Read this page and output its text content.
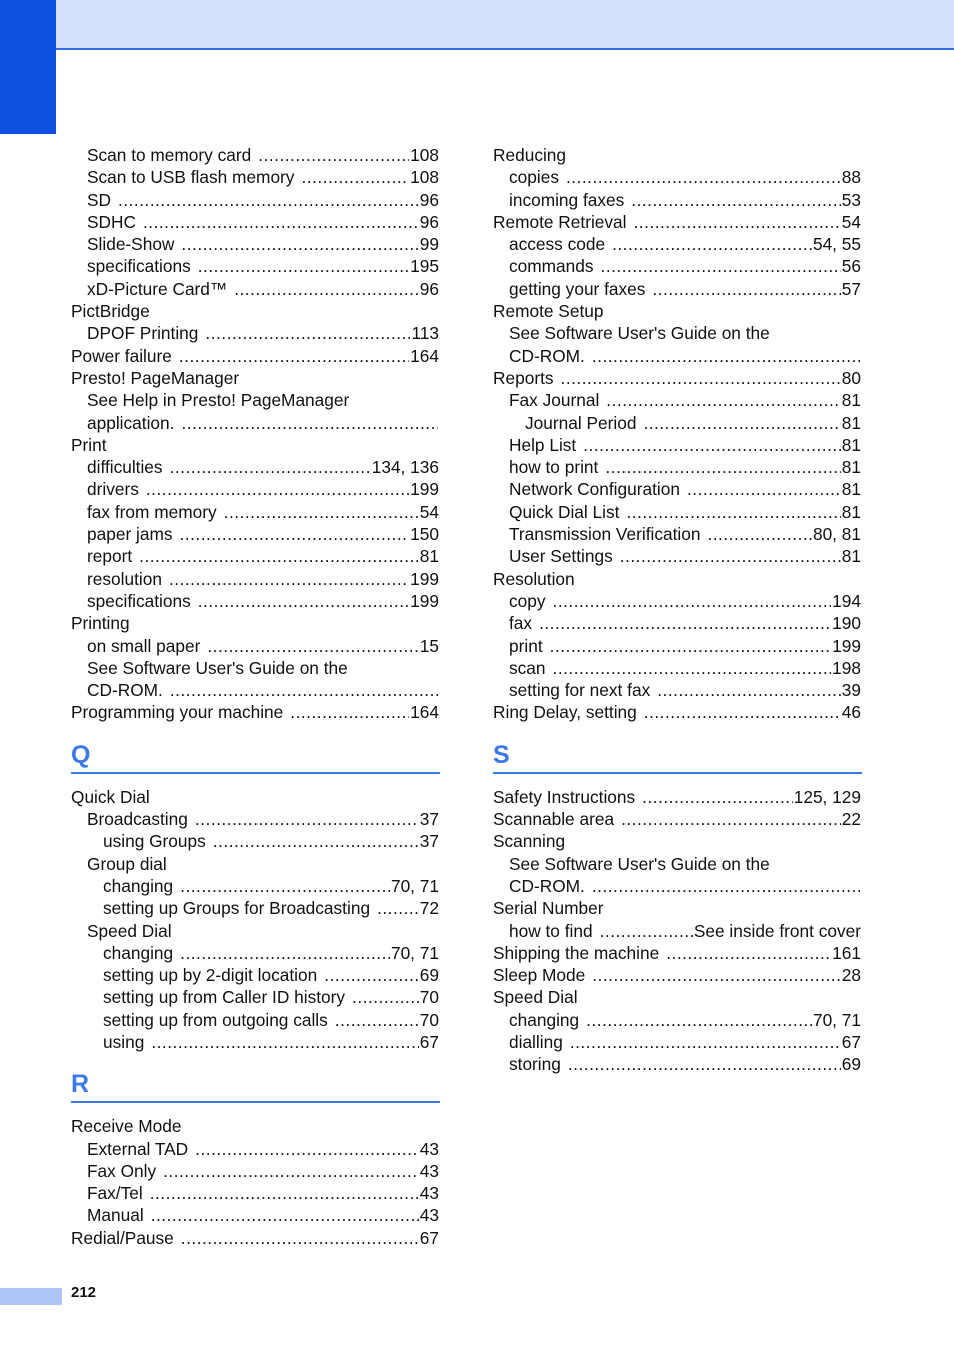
Scan to memory card .....	108
Scan to USB flash memory .....	108
SD .....	96
SDHC .....	96
Slide-Show .....	99
specifications .....	195
xD-Picture Card™ .....	96
PictBridge
DPOF Printing .....	113
Power failure .....	164
Presto! PageManager
See Help in Presto! PageManager
application.
.....
Print
difficulties .....	134, 136
drivers .....	199
fax from memory .....	54
paper jams .....	150
report .....	81
resolution .....	199
specifications .....	199
Printing
on small paper .....	15
See Software User's Guide on the
CD-ROM.
.....
Programming your machine .....	164
Q
Quick Dial
Broadcasting .....	37
using Groups .....	37
Group dial
changing .....	70, 71
setting up Groups for Broadcasting .....	72
Speed Dial
changing .....	70, 71
setting up by 2-digit location .....	69
setting up from Caller ID history .....	70
setting up from outgoing calls .....	70
using .....	67
R
Receive Mode
External TAD .....	43
Fax Only .....	43
Fax/Tel .....	43
Manual .....	43
Redial/Pause .....	67
Reducing
copies .....	88
incoming faxes .....	53
Remote Retrieval .....	54
access code .....	54, 55
commands .....	56
getting your faxes .....	57
Remote Setup
See Software User's Guide on the
CD-ROM.
.....
Reports .....	80
Fax Journal .....	81
Journal Period .....	81
Help List .....	81
how to print .....	81
Network Configuration .....	81
Quick Dial List .....	81
Transmission Verification .....	80, 81
User Settings .....	81
Resolution
copy .....	194
fax .....	190
print .....	199
scan .....	198
setting for next fax .....	39
Ring Delay, setting .....	46
S
Safety Instructions .....	125, 129
Scannable area .....	22
Scanning
See Software User's Guide on the
CD-ROM.
.....
Serial Number
how to find .....	See inside front cover
Shipping the machine .....	161
Sleep Mode .....	28
Speed Dial
changing .....	70, 71
dialling .....	67
storing .....	69
212
